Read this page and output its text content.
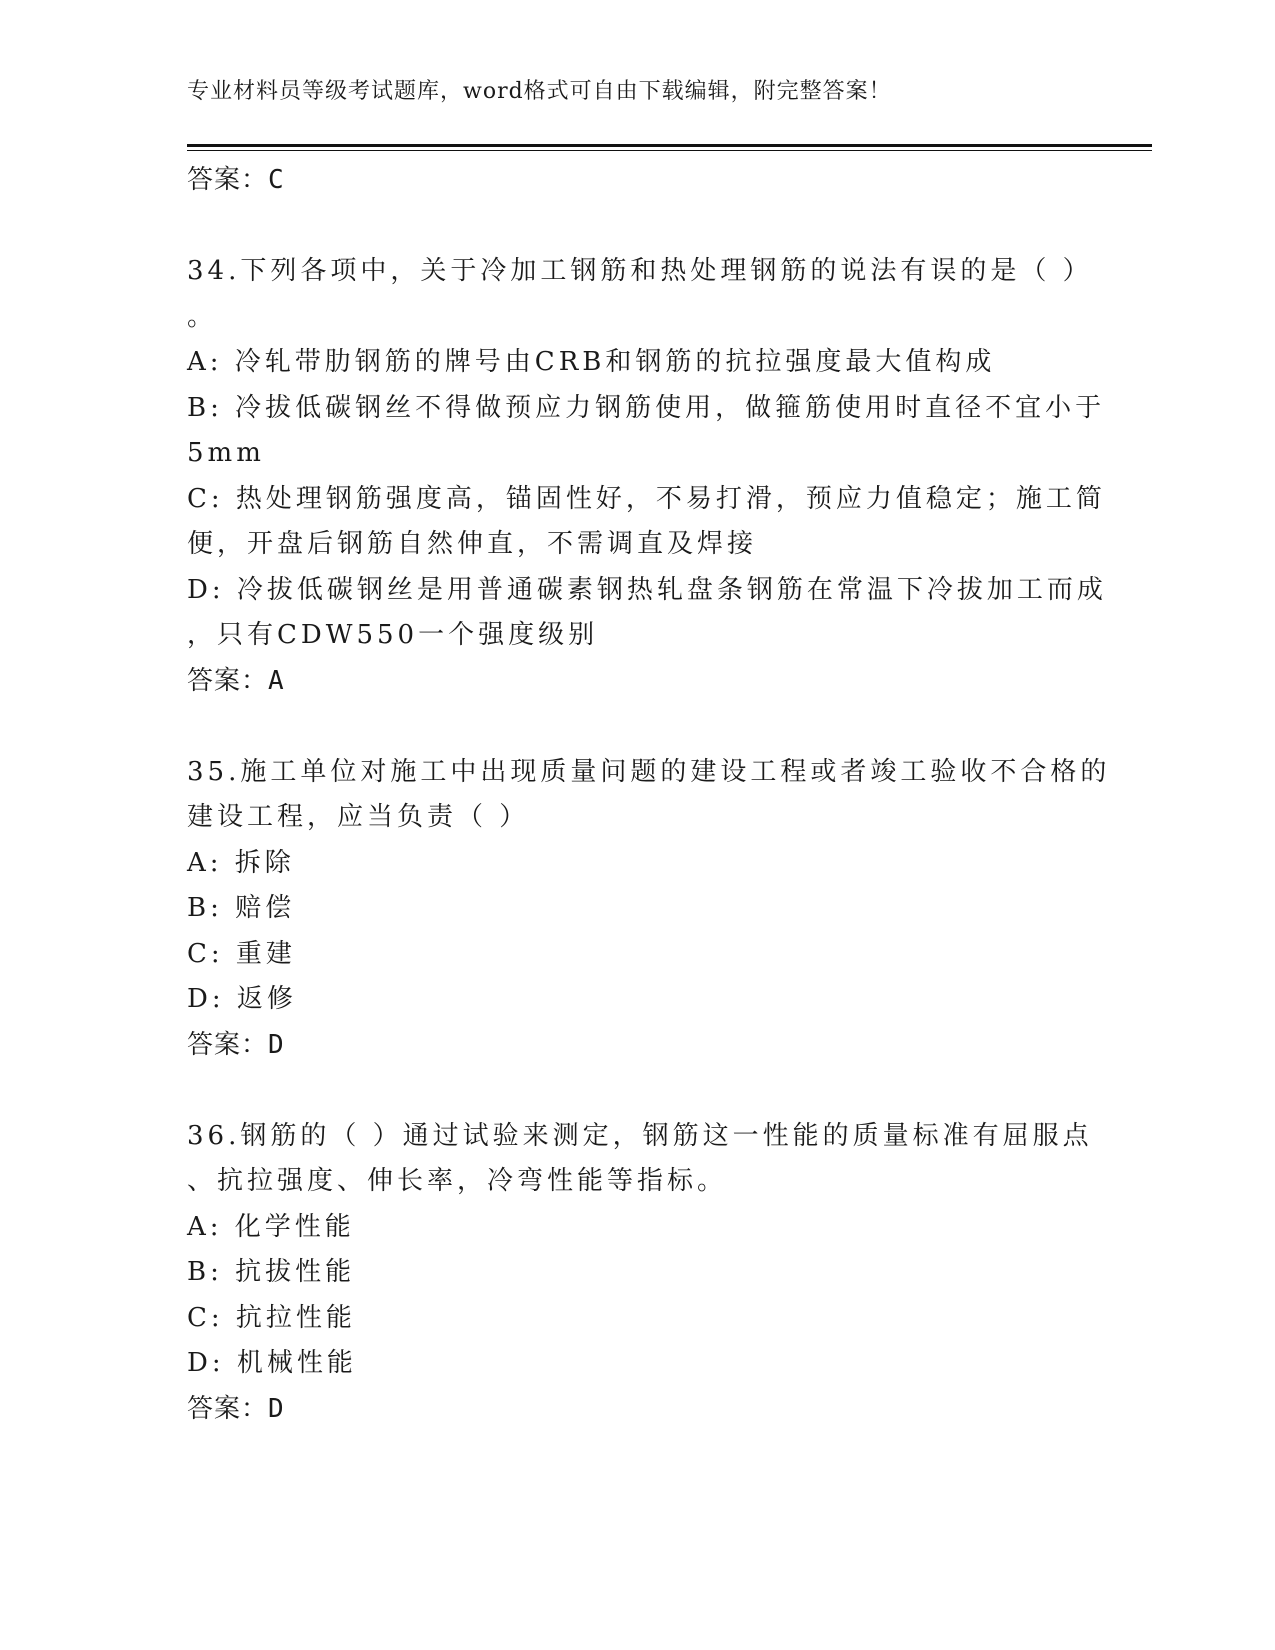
专业材料员等级考试题库，word格式可自由下载编辑，附完整答案！
答案：C
34.下列各项中，关于冷加工钢筋和热处理钢筋的说法有误的是（ ）
。
A: 冷轧带肋钢筋的牌号由CRB和钢筋的抗拉强度最大值构成
B: 冷拔低碳钢丝不得做预应力钢筋使用，做箍筋使用时直径不宜小于
5mm
C: 热处理钢筋强度高，锚固性好，不易打滑，预应力值稳定；施工简
便，开盘后钢筋自然伸直，不需调直及焊接
D: 冷拔低碳钢丝是用普通碳素钢热轧盘条钢筋在常温下冷拔加工而成
，只有CDW550一个强度级别
答案：A
35.施工单位对施工中出现质量问题的建设工程或者竣工验收不合格的
建设工程，应当负责（ ）
A: 拆除
B: 赔偿
C: 重建
D: 返修
答案：D
36.钢筋的（ ）通过试验来测定，钢筋这一性能的质量标准有屈服点
、抗拉强度、伸长率，冷弯性能等指标。
A: 化学性能
B: 抗拔性能
C: 抗拉性能
D: 机械性能
答案：D
